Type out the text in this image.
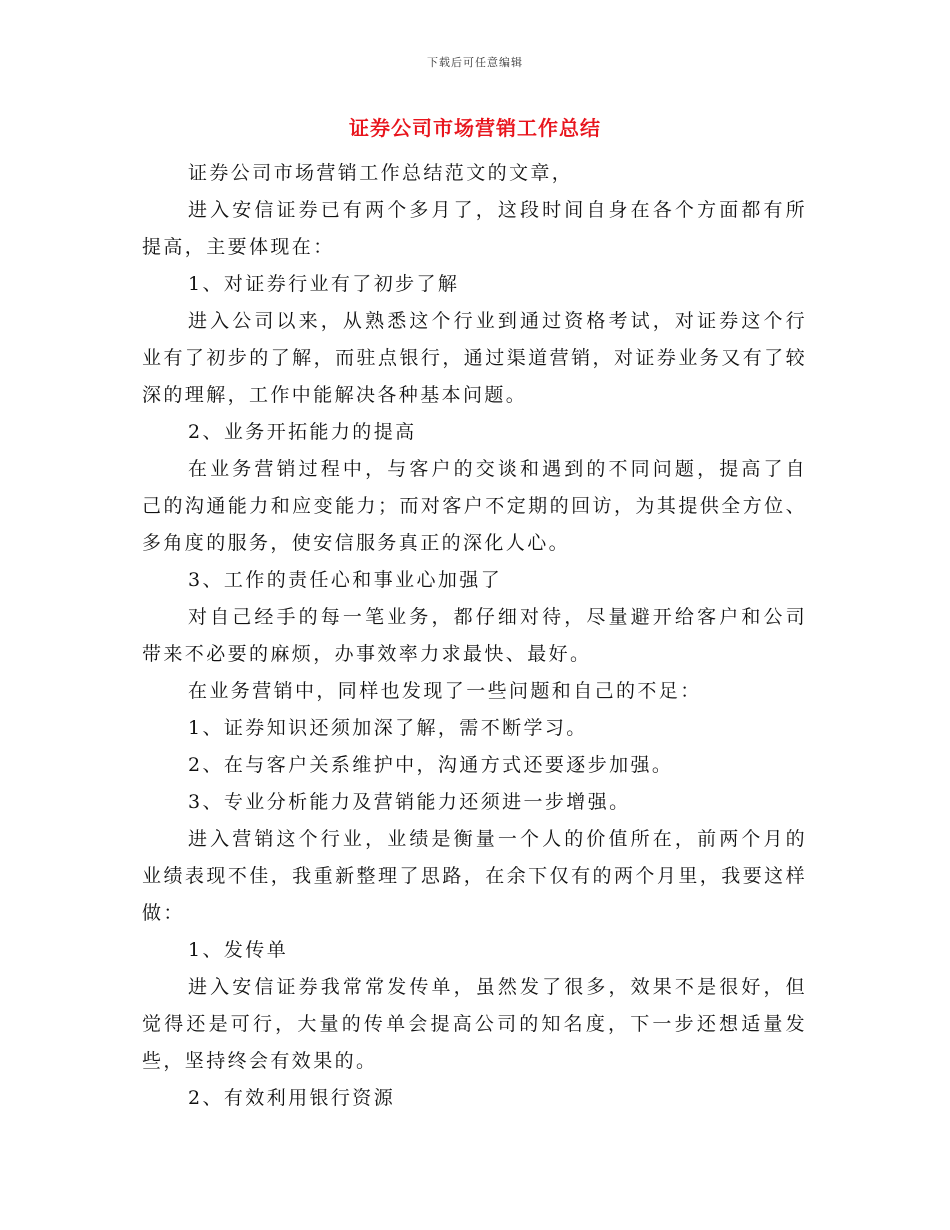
下载后可任意编辑
证券公司市场营销工作总结

证券公司市场营销工作总结范文的文章，

进入安信证券已有两个多月了，这段时间自身在各个方面都有所提高，主要体现在：

1、对证券行业有了初步了解

进入公司以来，从熟悉这个行业到通过资格考试，对证券这个行业有了初步的了解，而驻点银行，通过渠道营销，对证券业务又有了较深的理解，工作中能解决各种基本问题。

2、业务开拓能力的提高

在业务营销过程中，与客户的交谈和遇到的不同问题，提高了自己的沟通能力和应变能力；而对客户不定期的回访，为其提供全方位、多角度的服务，使安信服务真正的深化人心。

3、工作的责任心和事业心加强了

对自己经手的每一笔业务，都仔细对待，尽量避开给客户和公司带来不必要的麻烦，办事效率力求最快、最好。

在业务营销中，同样也发现了一些问题和自己的不足：

1、证券知识还须加深了解，需不断学习。

2、在与客户关系维护中，沟通方式还要逐步加强。

3、专业分析能力及营销能力还须进一步增强。

进入营销这个行业，业绩是衡量一个人的价值所在，前两个月的业绩表现不佳，我重新整理了思路，在余下仅有的两个月里，我要这样做：

1、发传单

进入安信证券我常常发传单，虽然发了很多，效果不是很好，但觉得还是可行，大量的传单会提高公司的知名度，下一步还想适量发些，坚持终会有效果的。

2、有效利用银行资源
